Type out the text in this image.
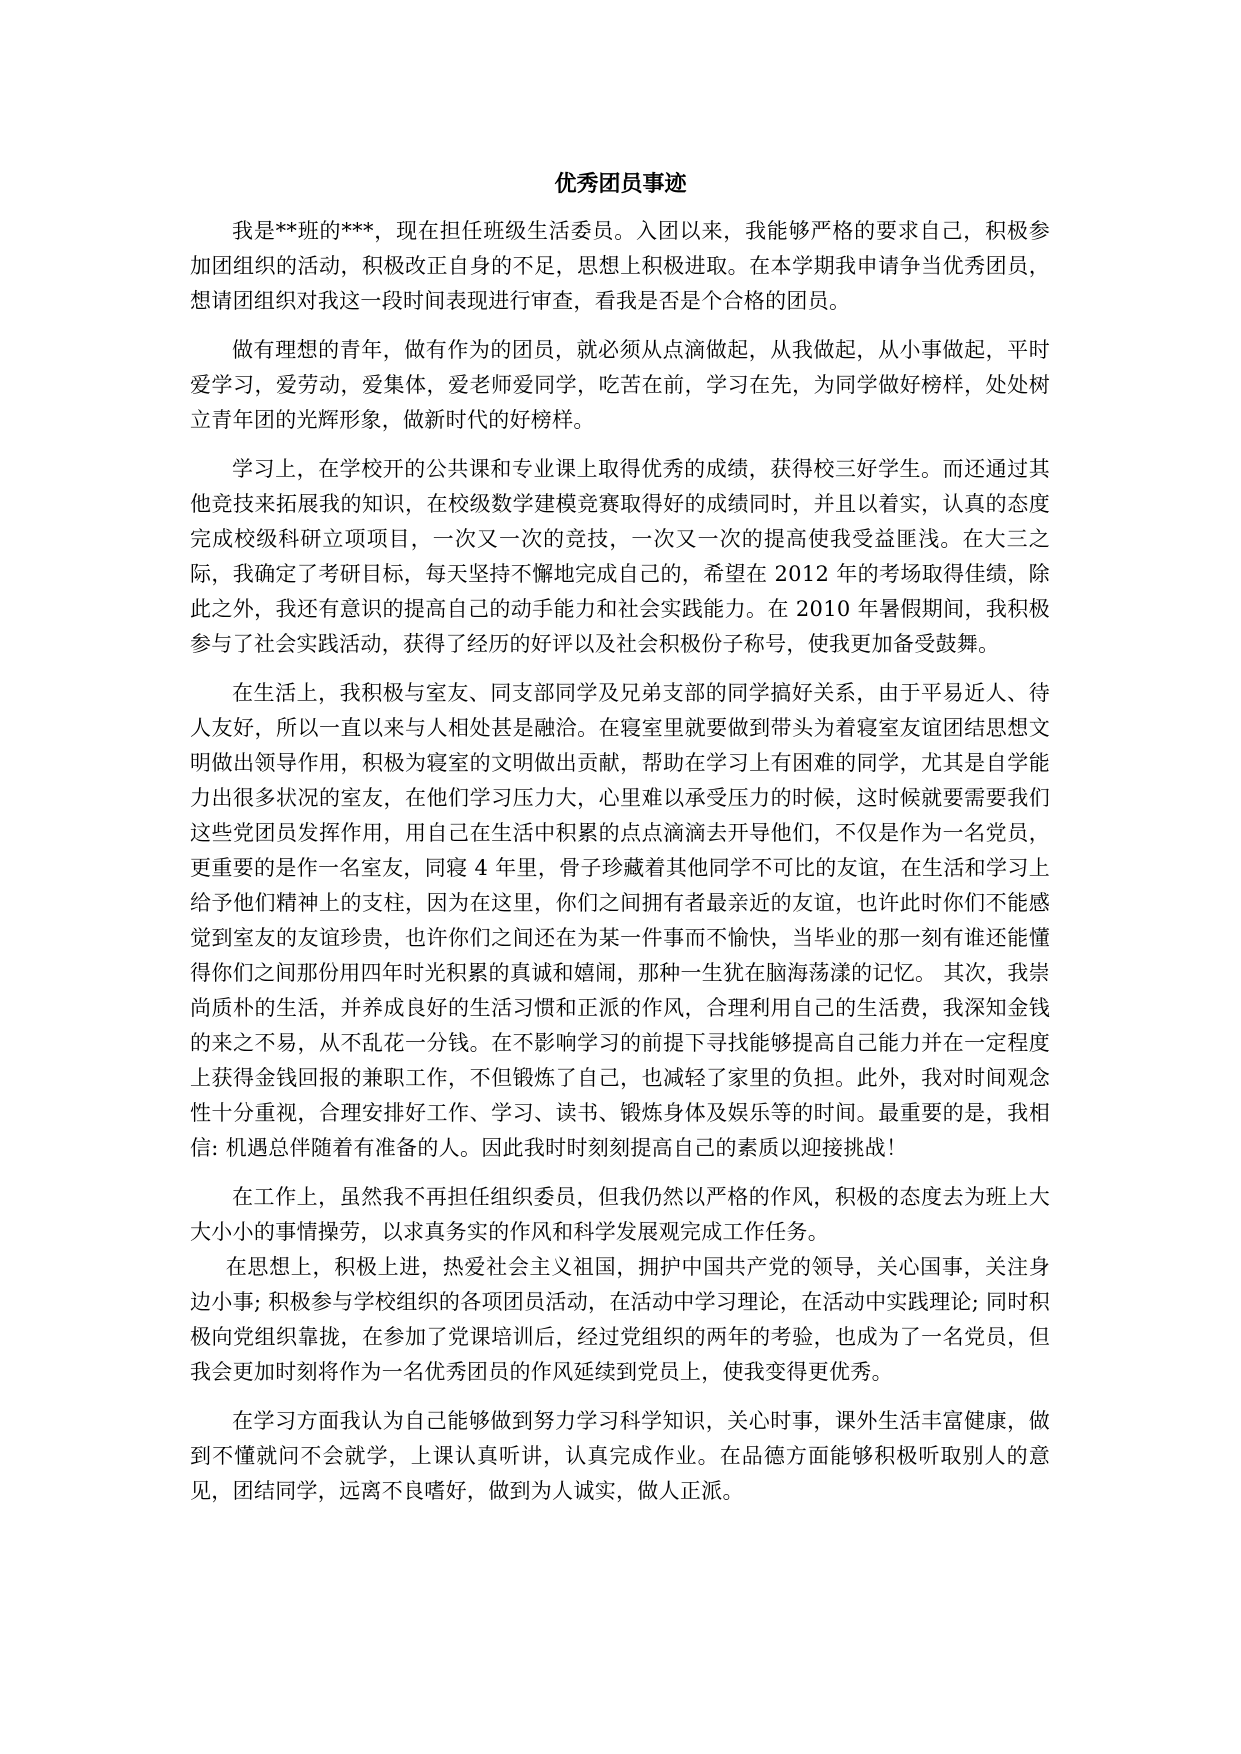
优秀团员事迹

我是**班的***，现在担任班级生活委员。入团以来，我能够严格的要求自己，积极参加团组织的活动，积极改正自身的不足，思想上积极进取。在本学期我申请争当优秀团员，想请团组织对我这一段时间表现进行审查，看我是否是个合格的团员。

做有理想的青年，做有作为的团员，就必须从点滴做起，从我做起，从小事做起，平时爱学习，爱劳动，爱集体，爱老师爱同学，吃苦在前，学习在先，为同学做好榜样，处处树立青年团的光辉形象，做新时代的好榜样。

学习上，在学校开的公共课和专业课上取得优秀的成绩，获得校三好学生。而还通过其他竞技来拓展我的知识，在校级数学建模竞赛取得好的成绩同时，并且以着实，认真的态度完成校级科研立项项目，一次又一次的竞技，一次又一次的提高使我受益匪浅。在大三之际，我确定了考研目标，每天坚持不懈地完成自己的，希望在 2012 年的考场取得佳绩，除此之外，我还有意识的提高自己的动手能力和社会实践能力。在 2010 年暑假期间，我积极参与了社会实践活动，获得了经历的好评以及社会积极份子称号，使我更加备受鼓舞。

在生活上，我积极与室友、同支部同学及兄弟支部的同学搞好关系，由于平易近人、待人友好，所以一直以来与人相处甚是融洽。在寝室里就要做到带头为着寝室友谊团结思想文明做出领导作用，积极为寝室的文明做出贡献，帮助在学习上有困难的同学，尤其是自学能力出很多状况的室友，在他们学习压力大，心里难以承受压力的时候，这时候就要需要我们这些党团员发挥作用，用自己在生活中积累的点点滴滴去开导他们，不仅是作为一名党员，更重要的是作一名室友，同寝 4 年里，骨子珍藏着其他同学不可比的友谊，在生活和学习上给予他们精神上的支柱，因为在这里，你们之间拥有者最亲近的友谊，也许此时你们不能感觉到室友的友谊珍贵，也许你们之间还在为某一件事而不愉快，当毕业的那一刻有谁还能懂得你们之间那份用四年时光积累的真诚和嬉闹，那种一生犹在脑海荡漾的记忆。 其次，我崇尚质朴的生活，并养成良好的生活习惯和正派的作风，合理利用自己的生活费，我深知金钱的来之不易，从不乱花一分钱。在不影响学习的前提下寻找能够提高自己能力并在一定程度上获得金钱回报的兼职工作，不但锻炼了自己，也减轻了家里的负担。此外，我对时间观念性十分重视，合理安排好工作、学习、读书、锻炼身体及娱乐等的时间。最重要的是，我相信: 机遇总伴随着有准备的人。因此我时时刻刻提高自己的素质以迎接挑战！

在工作上，虽然我不再担任组织委员，但我仍然以严格的作风，积极的态度去为班上大大小小的事情操劳，以求真务实的作风和科学发展观完成工作任务。

在思想上，积极上进，热爱社会主义祖国，拥护中国共产党的领导，关心国事，关注身边小事; 积极参与学校组织的各项团员活动，在活动中学习理论，在活动中实践理论; 同时积极向党组织靠拢，在参加了党课培训后，经过党组织的两年的考验，也成为了一名党员，但我会更加时刻将作为一名优秀团员的作风延续到党员上，使我变得更优秀。

在学习方面我认为自己能够做到努力学习科学知识，关心时事，课外生活丰富健康，做到不懂就问不会就学，上课认真听讲，认真完成作业。在品德方面能够积极听取别人的意见，团结同学，远离不良嗜好，做到为人诚实，做人正派。
